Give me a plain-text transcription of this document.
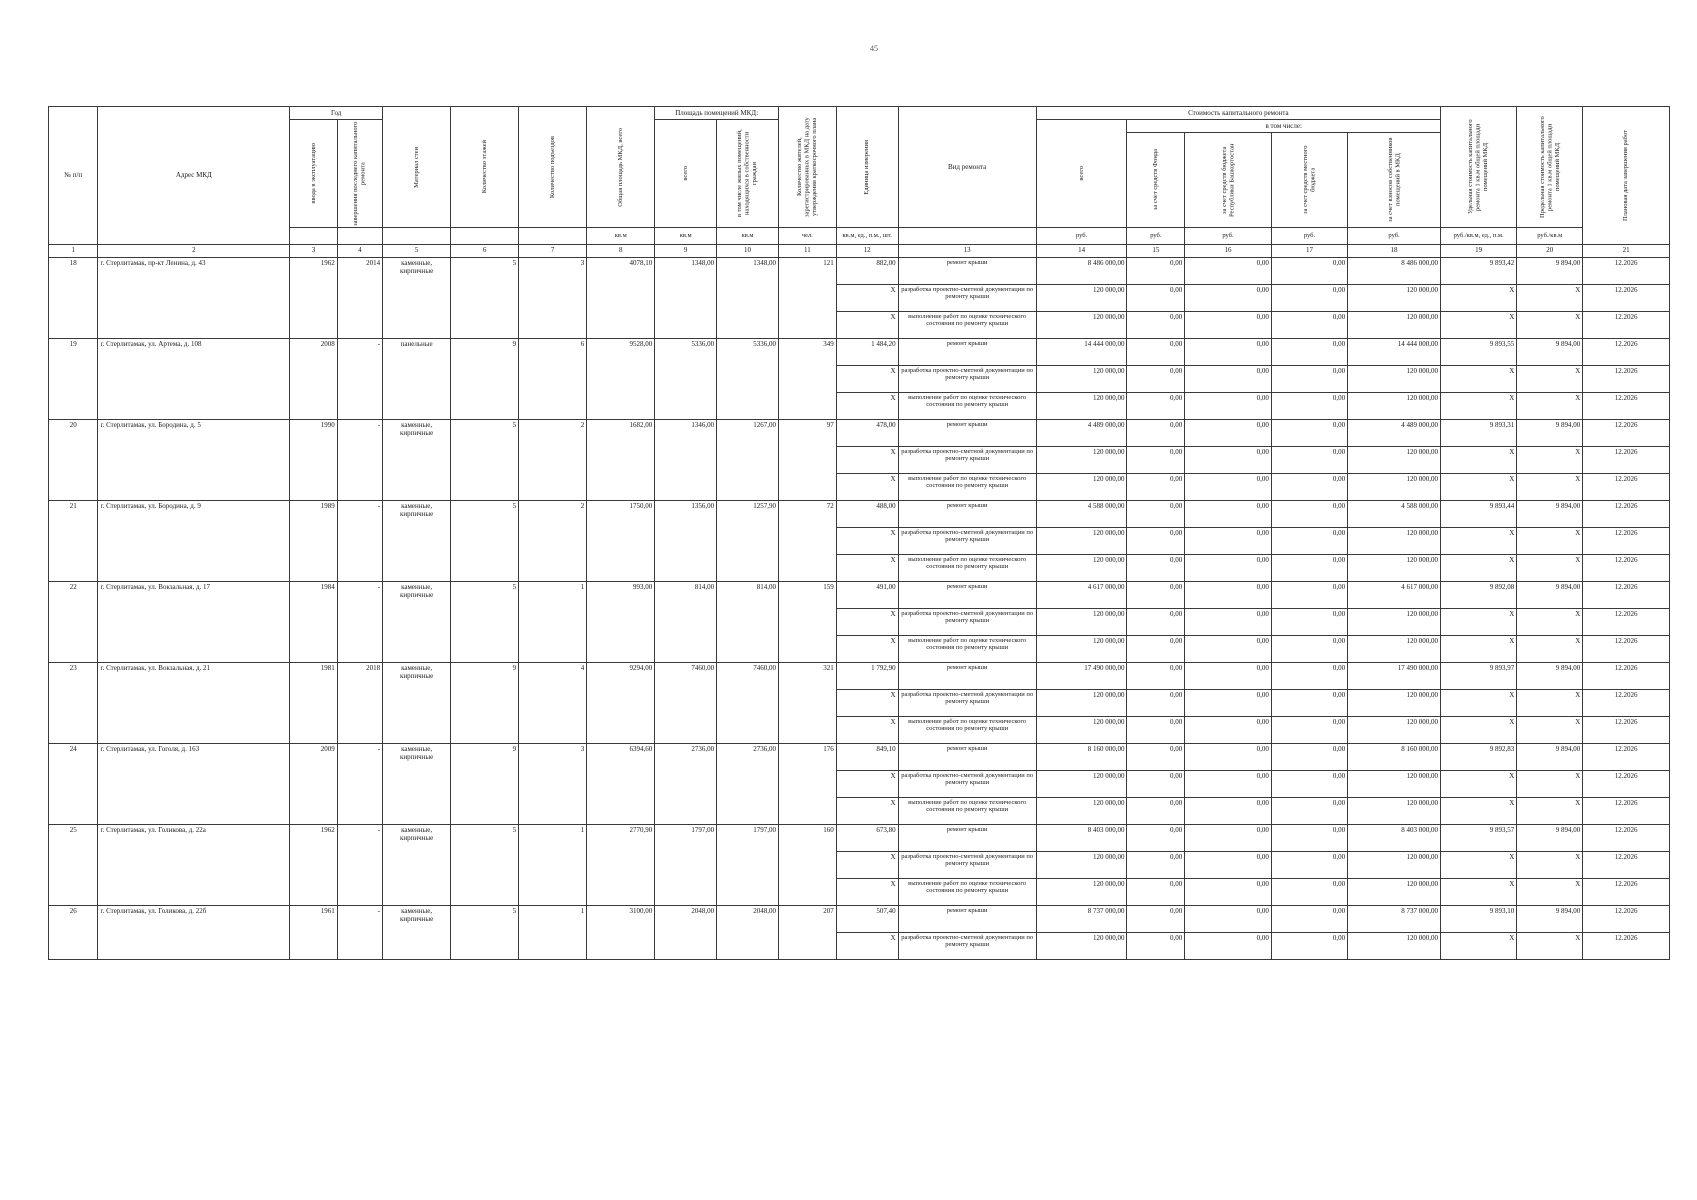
45
№ п/п	Адрес МКД	Год		Материал стен	Количество этажей	Количество подъездов	Общая площадь МКД, всего	Площадь помещений МКД:		Количество жителей, зарегистрированных в МКД на дату утверждения краткосрочного плана	Единица измерения	Вид ремонта	Стоимость капитального ремонта					Удельная стоимость капитального ремонта 1 кв.м общей площади помещений МКД	Предельная стоимость капитального ремонта 1 кв.м общей площади помещений МКД	Плановая дата завершения работ

		ввода в эксплуатацию	завершения последнего капитального ремонта					всего	в том числе жилых помещений, находящихся в собственности граждан				всего	в том числе:						

														за счет средств Фонда	за счет средств бюджета Республики Башкортостан	за счет средств местного бюджета	за счет взносов собственников помещений в МКД			

							кв.м	кв.м	кв.м	чел.	кв.м, ед., п.м., шт.		руб.	руб.	руб.	руб.	руб.	руб./кв.м, ед., п.м.	руб./кв.м	
1	2	3	4	5	6	7	8	9	10	11	12	13	14	15	16	17	18	19	20	21
18	г. Стерлитамак, пр-кт Ленина, д. 43	1962	2014	каменные, кирпичные	5	3	4078,10	1348,00	1348,00	121	882,00	ремонт крыши	8 486 000,00	0,00	0,00	0,00	8 486 000,00	9 893,42	9 894,00	12.2026
											X	разработка проектно-сметной документации по ремонту крыши	120 000,00	0,00	0,00	0,00	120 000,00	X	X	12.2026
											X	выполнение работ по оценке технического состояния по ремонту крыши	120 000,00	0,00	0,00	0,00	120 000,00	X	X	12.2026
19	г. Стерлитамак, ул. Артема, д. 108	2008	-	панельные	9	6	9528,00	5336,00	5336,00	349	1 484,20	ремонт крыши	14 444 000,00	0,00	0,00	0,00	14 444 000,00	9 893,55	9 894,00	12.2026
											X	разработка проектно-сметной документации по ремонту крыши	120 000,00	0,00	0,00	0,00	120 000,00	X	X	12.2026
											X	выполнение работ по оценке технического состояния по ремонту крыши	120 000,00	0,00	0,00	0,00	120 000,00	X	X	12.2026
20	г. Стерлитамак, ул. Бородина, д. 5	1990	-	каменные, кирпичные	5	2	1682,00	1346,00	1267,00	97	478,00	ремонт крыши	4 489 000,00	0,00	0,00	0,00	4 489 000,00	9 893,31	9 894,00	12.2026
											X	разработка проектно-сметной документации по ремонту крыши	120 000,00	0,00	0,00	0,00	120 000,00	X	X	12.2026
											X	выполнение работ по оценке технического состояния по ремонту крыши	120 000,00	0,00	0,00	0,00	120 000,00	X	X	12.2026
21	г. Стерлитамак, ул. Бородина, д. 9	1989	-	каменные, кирпичные	5	2	1750,00	1356,00	1257,90	72	488,00	ремонт крыши	4 588 000,00	0,00	0,00	0,00	4 588 000,00	9 893,44	9 894,00	12.2026
											X	разработка проектно-сметной документации по ремонту крыши	120 000,00	0,00	0,00	0,00	120 000,00	X	X	12.2026
											X	выполнение работ по оценке технического состояния по ремонту крыши	120 000,00	0,00	0,00	0,00	120 000,00	X	X	12.2026
22	г. Стерлитамак, ул. Вокзальная, д. 17	1984	-	каменные, кирпичные	5	1	993,00	814,00	814,00	159	491,00	ремонт крыши	4 617 000,00	0,00	0,00	0,00	4 617 000,00	9 892,08	9 894,00	12.2026
											X	разработка проектно-сметной документации по ремонту крыши	120 000,00	0,00	0,00	0,00	120 000,00	X	X	12.2026
											X	выполнение работ по оценке технического состояния по ремонту крыши	120 000,00	0,00	0,00	0,00	120 000,00	X	X	12.2026
23	г. Стерлитамак, ул. Вокзальная, д. 21	1981	2018	каменные, кирпичные	9	4	9294,00	7460,00	7460,00	321	1 792,90	ремонт крыши	17 490 000,00	0,00	0,00	0,00	17 490 000,00	9 893,97	9 894,00	12.2026
											X	разработка проектно-сметной документации по ремонту крыши	120 000,00	0,00	0,00	0,00	120 000,00	X	X	12.2026
											X	выполнение работ по оценке технического состояния по ремонту крыши	120 000,00	0,00	0,00	0,00	120 000,00	X	X	12.2026
24	г. Стерлитамак, ул. Гоголя, д. 163	2009	-	каменные, кирпичные	9	3	6394,60	2736,00	2736,00	176	849,10	ремонт крыши	8 160 000,00	0,00	0,00	0,00	8 160 000,00	9 892,83	9 894,00	12.2026
											X	разработка проектно-сметной документации по ремонту крыши	120 000,00	0,00	0,00	0,00	120 000,00	X	X	12.2026
											X	выполнение работ по оценке технического состояния по ремонту крыши	120 000,00	0,00	0,00	0,00	120 000,00	X	X	12.2026
25	г. Стерлитамак, ул. Голикова, д. 22а	1962	-	каменные, кирпичные	5	1	2770,90	1797,00	1797,00	160	673,80	ремонт крыши	8 403 000,00	0,00	0,00	0,00	8 403 000,00	9 893,57	9 894,00	12.2026
											X	разработка проектно-сметной документации по ремонту крыши	120 000,00	0,00	0,00	0,00	120 000,00	X	X	12.2026
											X	выполнение работ по оценке технического состояния по ремонту крыши	120 000,00	0,00	0,00	0,00	120 000,00	X	X	12.2026
26	г. Стерлитамак, ул. Голикова, д. 22б	1961	-	каменные, кирпичные	5	1	3100,00	2048,00	2048,00	207	507,40	ремонт крыши	8 737 000,00	0,00	0,00	0,00	8 737 000,00	9 893,10	9 894,00	12.2026
											X	разработка проектно-сметной документации по ремонту крыши	120 000,00	0,00	0,00	0,00	120 000,00	X	X	12.2026
